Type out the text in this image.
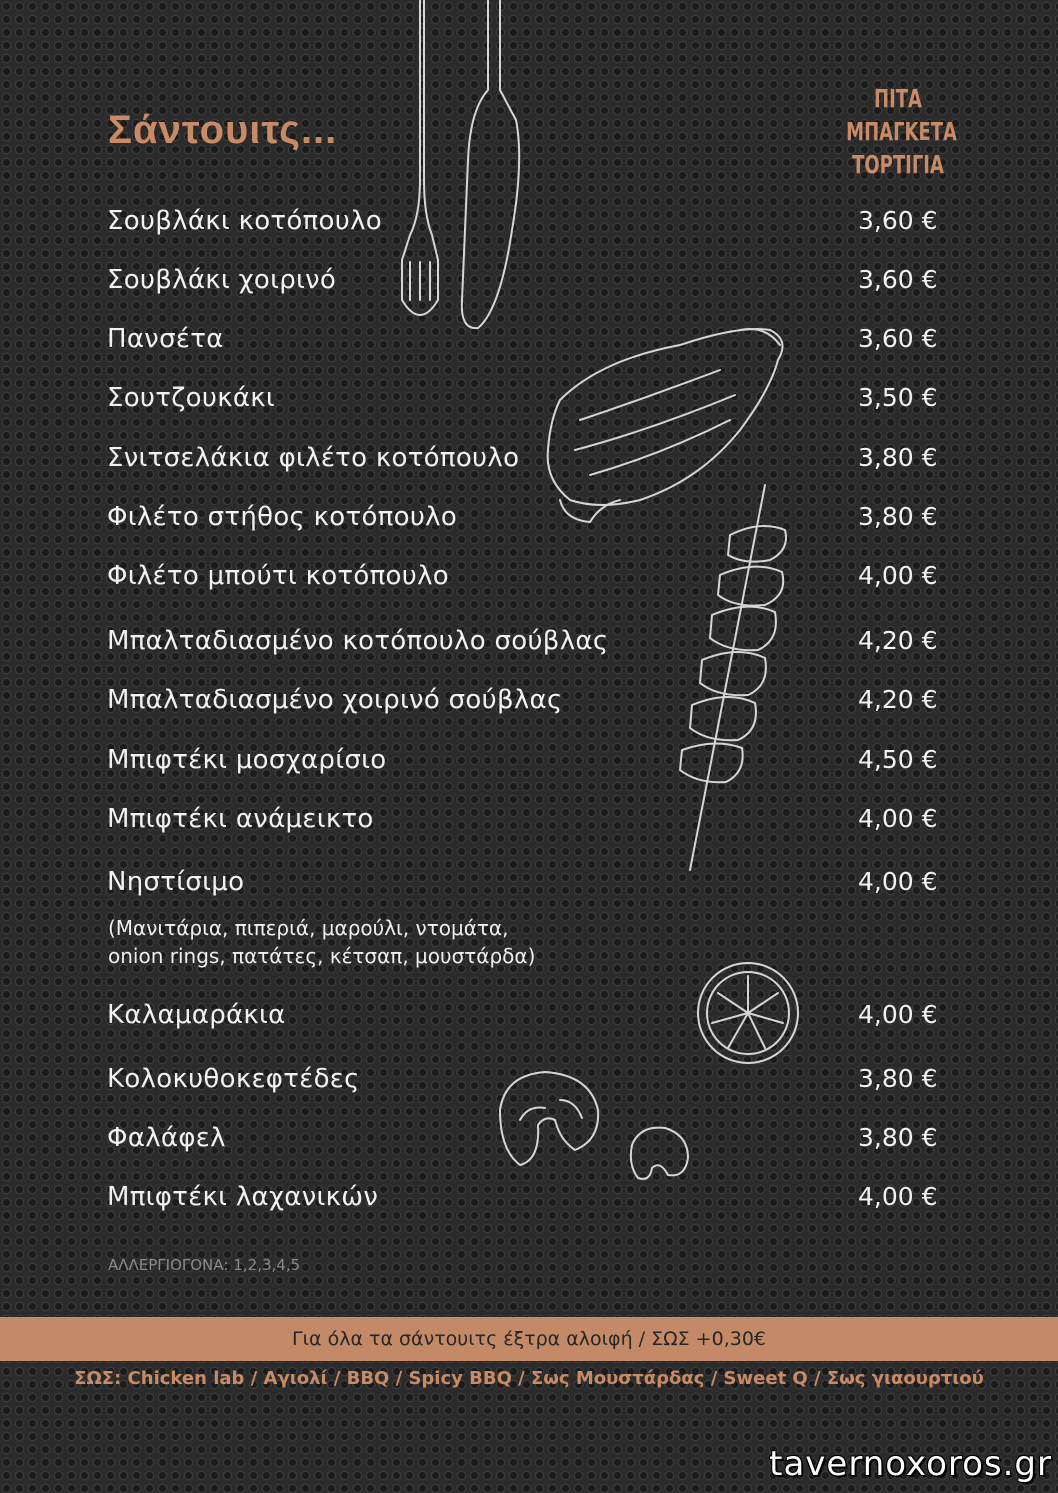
Σάντουιτς...
ΠΙΤΑ
ΜΠΑΓΚΕΤΑ
ΤΟΡΤΙΓΙΑ
Σουβλάκι κοτόπουλο	3,60 €
Σουβλάκι χοιρινό	3,60 €
Πανσέτα	3,60 €
Σουτζουκάκι	3,50 €
Σνιτσελάκια φιλέτο κοτόπουλο	3,80 €
Φιλέτο στήθος κοτόπουλο	3,80 €
Φιλέτο μπούτι κοτόπουλο	4,00 €
Μπαλταδιασμένο κοτόπουλο σούβλας	4,20 €
Μπαλταδιασμένο χοιρινό σούβλας	4,20 €
Μπιφτέκι μοσχαρίσιο	4,50 €
Μπιφτέκι ανάμεικτο	4,00 €
Νηστίσιμο	4,00 €
(Μανιτάρια, πιπεριά, μαρούλι, ντομάτα,
onion rings, πατάτες, κέτσαπ, μουστάρδα)
Καλαμαράκια	4,00 €
Κολοκυθοκεφτέδες	3,80 €
Φαλάφελ	3,80 €
Μπιφτέκι λαχανικών	4,00 €
ΑΛΛΕΡΓΙΟΓΟΝΑ: 1,2,3,4,5
Για όλα τα σάντουιτς έξτρα αλοιφή / ΣΩΣ +0,30€
ΣΩΣ: Chicken lab / Αγιολί / BBQ / Spicy BBQ / Σως Μουστάρδας / Sweet Q / Σως γιαουρτιού
tavernoxoros.gr
